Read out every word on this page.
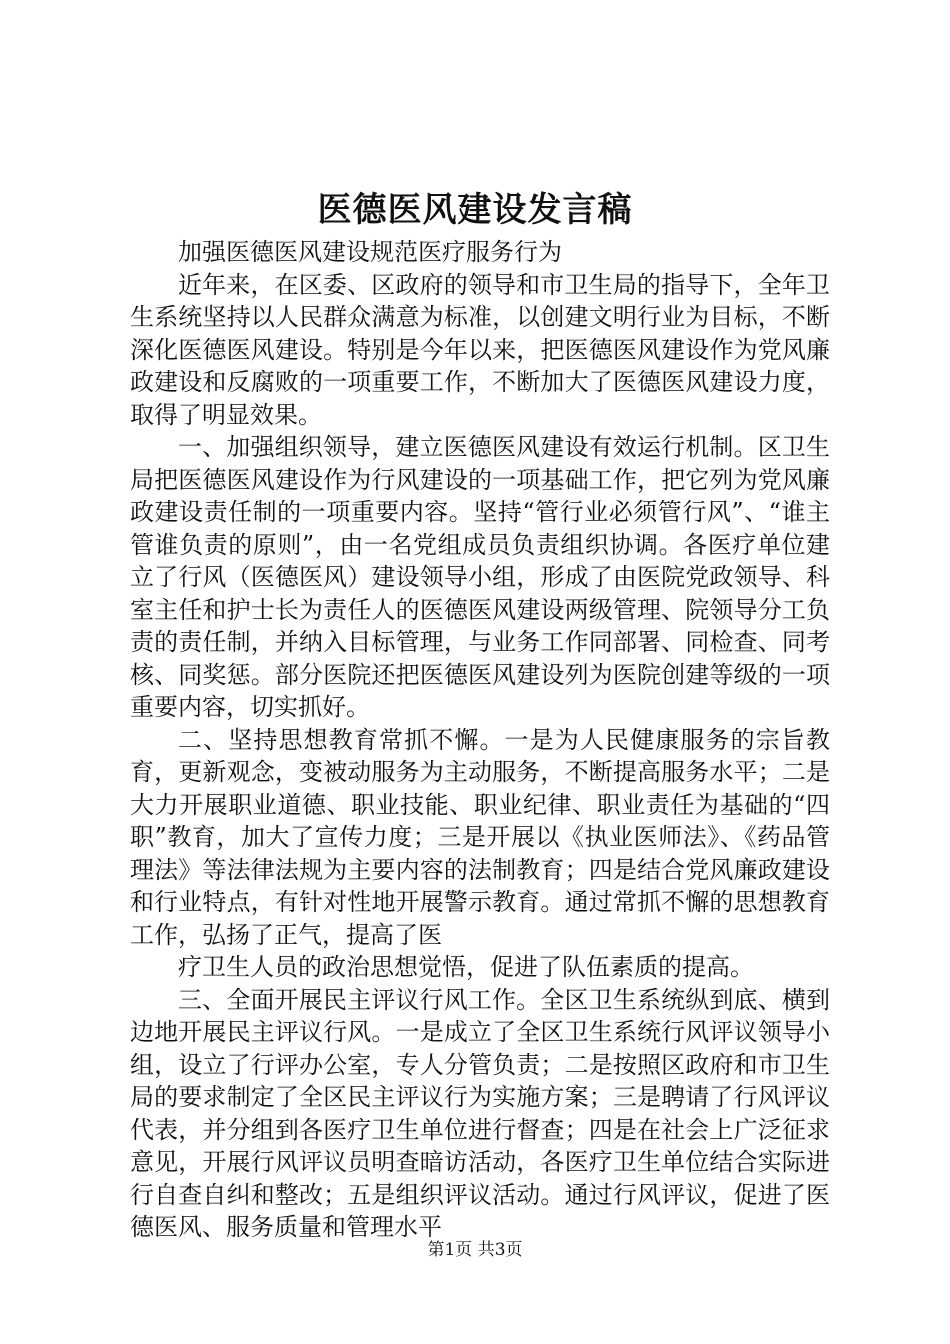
医德医风建设发言稿

加强医德医风建设规范医疗服务行为

近年来，在区委、区政府的领导和市卫生局的指导下，全年卫生系统坚持以人民群众满意为标准，以创建文明行业为目标，不断深化医德医风建设。特别是今年以来，把医德医风建设作为党风廉政建设和反腐败的一项重要工作，不断加大了医德医风建设力度，取得了明显效果。

一、加强组织领导，建立医德医风建设有效运行机制。区卫生局把医德医风建设作为行风建设的一项基础工作，把它列为党风廉政建设责任制的一项重要内容。坚持“管行业必须管行风”、“谁主管谁负责的原则”，由一名党组成员负责组织协调。各医疗单位建立了行风（医德医风）建设领导小组，形成了由医院党政领导、科室主任和护士长为责任人的医德医风建设两级管理、院领导分工负责的责任制，并纳入目标管理，与业务工作同部署、同检查、同考核、同奖惩。部分医院还把医德医风建设列为医院创建等级的一项重要内容，切实抓好。

二、坚持思想教育常抓不懈。一是为人民健康服务的宗旨教育，更新观念，变被动服务为主动服务，不断提高服务水平；二是大力开展职业道德、职业技能、职业纪律、职业责任为基础的“四职”教育，加大了宣传力度；三是开展以《执业医师法》、《药品管理法》等法律法规为主要内容的法制教育；四是结合党风廉政建设和行业特点，有针对性地开展警示教育。通过常抓不懈的思想教育工作，弘扬了正气，提高了医

疗卫生人员的政治思想觉悟，促进了队伍素质的提高。

三、全面开展民主评议行风工作。全区卫生系统纵到底、横到边地开展民主评议行风。一是成立了全区卫生系统行风评议领导小组，设立了行评办公室，专人分管负责；二是按照区政府和市卫生局的要求制定了全区民主评议行为实施方案；三是聘请了行风评议代表，并分组到各医疗卫生单位进行督查；四是在社会上广泛征求意见，开展行风评议员明查暗访活动，各医疗卫生单位结合实际进行自查自纠和整改；五是组织评议活动。通过行风评议，促进了医德医风、服务质量和管理水平

第1页 共3页
